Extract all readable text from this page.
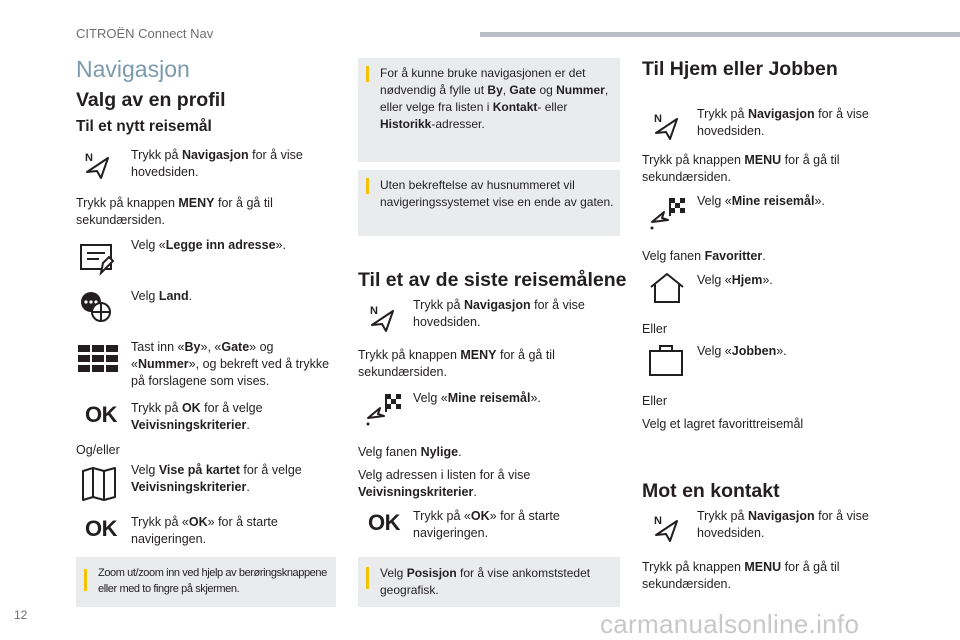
CITROËN Connect Nav
Navigasjon
Valg av en profil
Til et nytt reisemål
N	Trykk på Navigasjon for å vise hovedsiden.
Trykk på knappen MENY for å gå til sekundærsiden.
Velg «Legge inn adresse».
Velg Land.
Tast inn «By», «Gate» og «Nummer», og bekreft ved å trykke på forslagene som vises.
OK Trykk på OK for å velge Veivisningskriterier.
Og/eller
Velg Vise på kartet for å velge Veivisningskriterier.
OK Trykk på «OK» for å starte navigeringen.
Zoom ut/zoom inn ved hjelp av berøringsknappene eller med to fingre på skjermen.
For å kunne bruke navigasjonen er det nødvendig å fylle ut By, Gate og Nummer, eller velge fra listen i Kontakt- eller Historikk-adresser.
Uten bekreftelse av husnummeret vil navigeringssystemet vise en ende av gaten.
Til et av de siste reisemålene
N	Trykk på Navigasjon for å vise hovedsiden.
Trykk på knappen MENY for å gå til sekundærsiden.
Velg «Mine reisemål».
Velg fanen Nylige.
Velg adressen i listen for å vise Veivisningskriterier.
OK Trykk på «OK» for å starte navigeringen.
Velg Posisjon for å vise ankomststedet geografisk.
Til Hjem eller Jobben
N	Trykk på Navigasjon for å vise hovedsiden.
Trykk på knappen MENU for å gå til sekundærsiden.
Velg «Mine reisemål».
Velg fanen Favoritter.
Velg «Hjem».
Eller
Velg «Jobben».
Eller
Velg et lagret favorittreisemål
Mot en kontakt
N	Trykk på Navigasjon for å vise hovedsiden.
Trykk på knappen MENU for å gå til sekundærsiden.
12	carmanualsonline.info
